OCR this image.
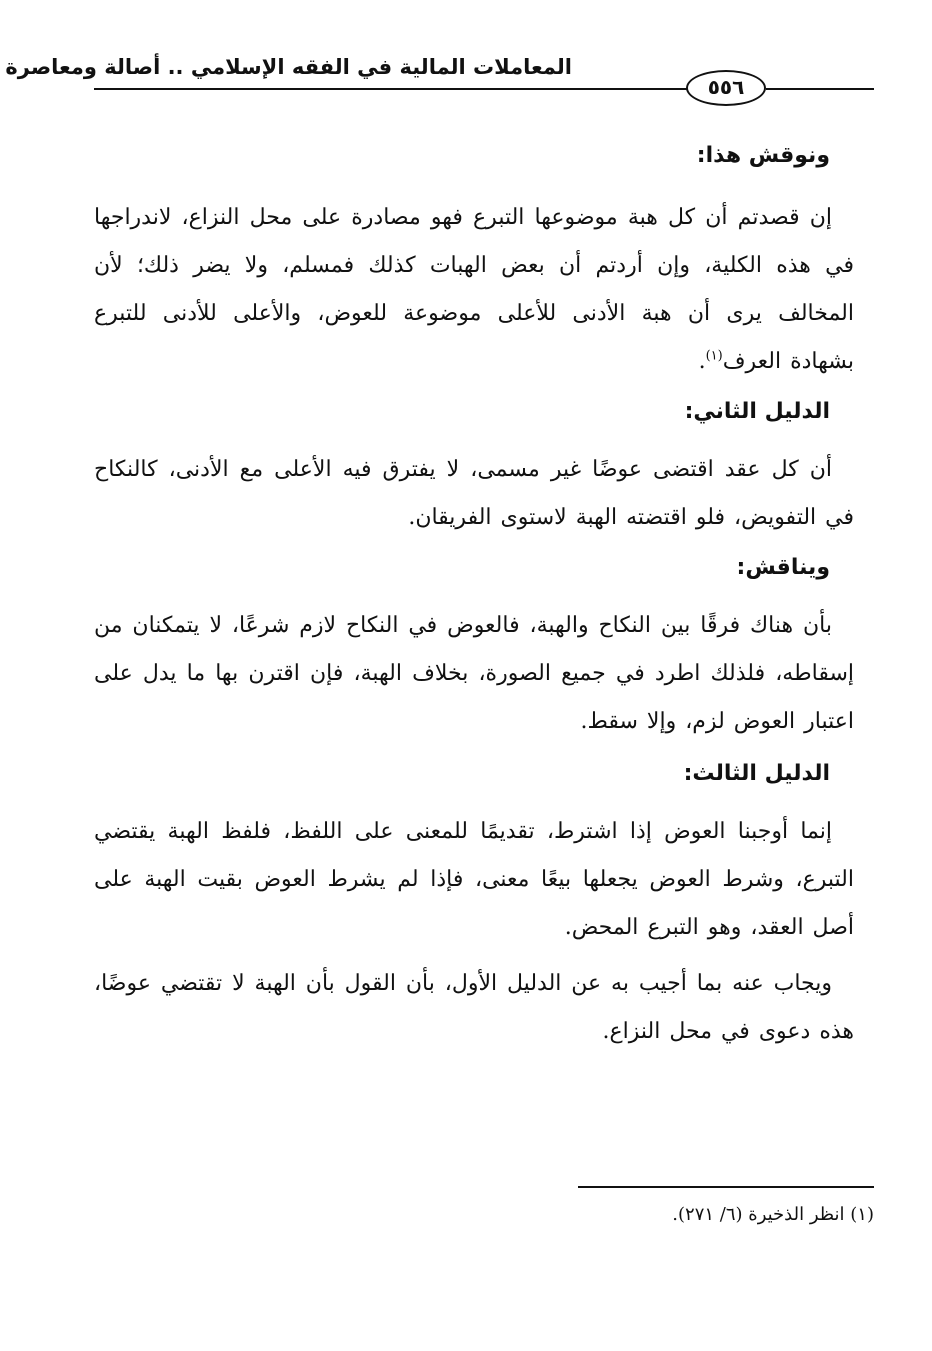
المعاملات المالية في الفقه الإسلامي .. أصالة ومعاصرة
٥٥٦

ونوقش هذا:

إن قصدتم أن كل هبة موضوعها التبرع فهو مصادرة على محل النزاع، لاندراجها في هذه الكلية، وإن أردتم أن بعض الهبات كذلك فمسلم، ولا يضر ذلك؛ لأن المخالف يرى أن هبة الأدنى للأعلى موضوعة للعوض، والأعلى للأدنى للتبرع بشهادة العرف$^{(١)}$.

الدليل الثاني:

أن كل عقد اقتضى عوضًا غير مسمى، لا يفترق فيه الأعلى مع الأدنى، كالنكاح في التفويض، فلو اقتضته الهبة لاستوى الفريقان.

ويناقش:

بأن هناك فرقًا بين النكاح والهبة، فالعوض في النكاح لازم شرعًا، لا يتمكنان من إسقاطه، فلذلك اطرد في جميع الصورة، بخلاف الهبة، فإن اقترن بها ما يدل على اعتبار العوض لزم، وإلا سقط.

الدليل الثالث:

إنما أوجبنا العوض إذا اشترط، تقديمًا للمعنى على اللفظ، فلفظ الهبة يقتضي التبرع، وشرط العوض يجعلها بيعًا معنى، فإذا لم يشرط العوض بقيت الهبة على أصل العقد، وهو التبرع المحض.

ويجاب عنه بما أجيب به عن الدليل الأول، بأن القول بأن الهبة لا تقتضي عوضًا، هذه دعوى في محل النزاع.

(١) انظر الذخيرة (٦/ ٢٧١).
